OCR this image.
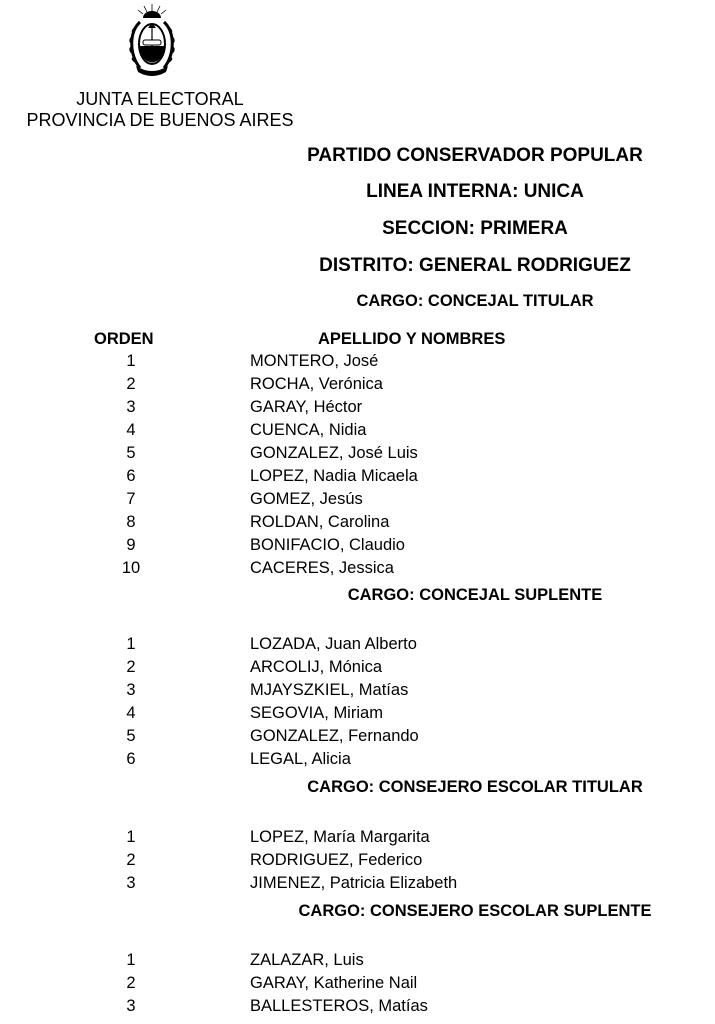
JUNTA ELECTORAL
PROVINCIA DE BUENOS AIRES
PARTIDO CONSERVADOR POPULAR
LINEA INTERNA: UNICA
SECCION: PRIMERA
DISTRITO: GENERAL RODRIGUEZ
CARGO: CONCEJAL TITULAR
ORDEN	APELLIDO Y NOMBRES
1	MONTERO, José
2	ROCHA, Verónica
3	GARAY, Héctor
4	CUENCA, Nidia
5	GONZALEZ, José Luis
6	LOPEZ, Nadia Micaela
7	GOMEZ, Jesús
8	ROLDAN, Carolina
9	BONIFACIO, Claudio
10	CACERES, Jessica
CARGO: CONCEJAL SUPLENTE
1	LOZADA, Juan Alberto
2	ARCOLIJ, Mónica
3	MJAYSZKIEL, Matías
4	SEGOVIA, Miriam
5	GONZALEZ, Fernando
6	LEGAL, Alicia
CARGO: CONSEJERO ESCOLAR TITULAR
1	LOPEZ, María Margarita
2	RODRIGUEZ, Federico
3	JIMENEZ, Patricia Elizabeth
CARGO: CONSEJERO ESCOLAR SUPLENTE
1	ZALAZAR, Luis
2	GARAY, Katherine Nail
3	BALLESTEROS, Matías
